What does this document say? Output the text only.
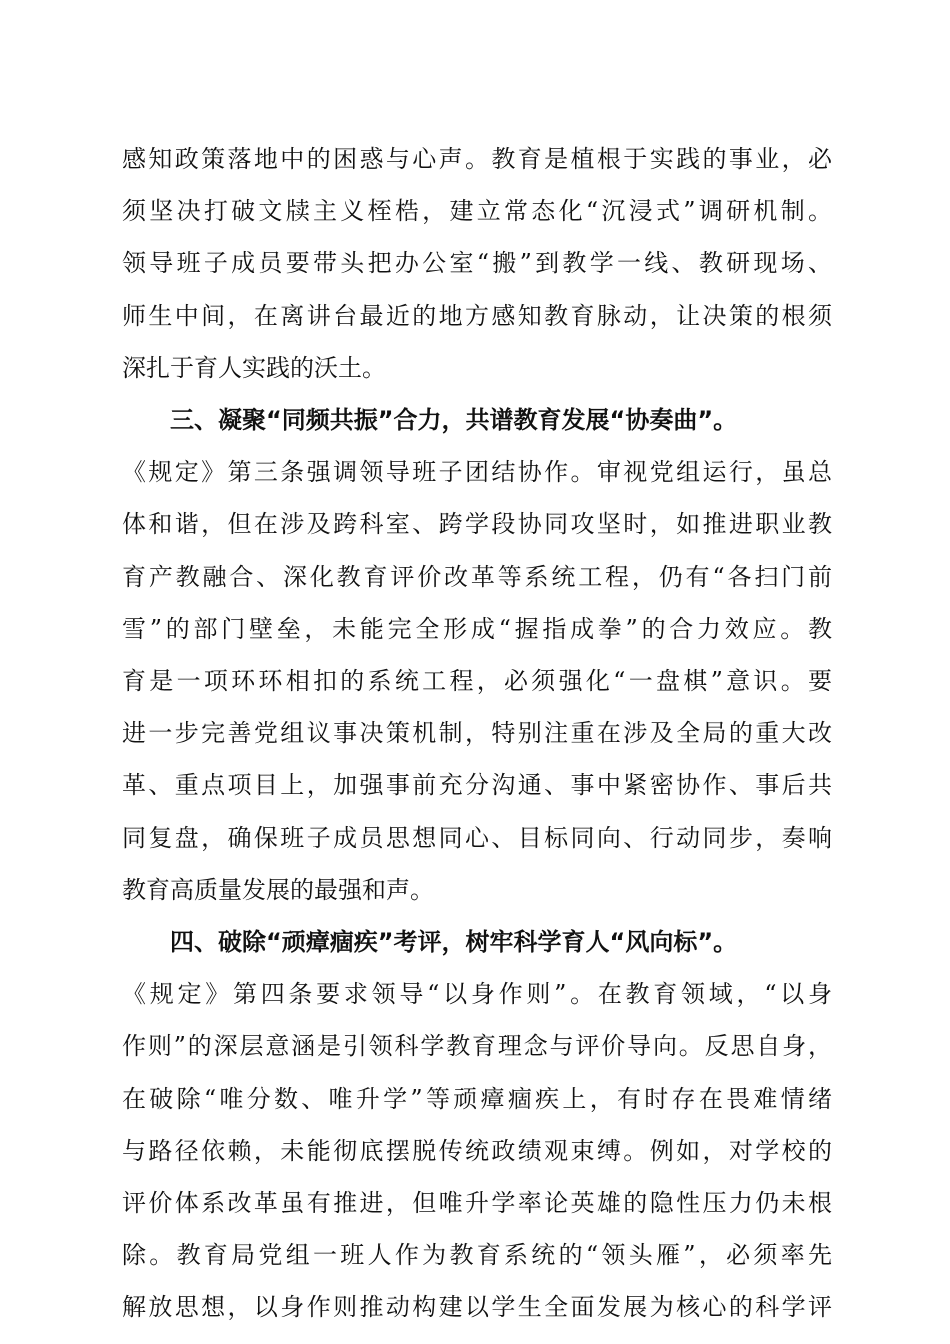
感知政策落地中的困惑与心声。教育是植根于实践的事业，必
须坚决打破文牍主义桎梏，建立常态化“沉浸式”调研机制。
领导班子成员要带头把办公室“搬”到教学一线、教研现场、
师生中间，在离讲台最近的地方感知教育脉动，让决策的根须
深扎于育人实践的沃土。
三、凝聚“同频共振”合力，共谱教育发展“协奏曲”。
《规定》第三条强调领导班子团结协作。审视党组运行，虽总
体和谐，但在涉及跨科室、跨学段协同攻坚时，如推进职业教
育产教融合、深化教育评价改革等系统工程，仍有“各扫门前
雪”的部门壁垒，未能完全形成“握指成拳”的合力效应。教
育是一项环环相扣的系统工程，必须强化“一盘棋”意识。要
进一步完善党组议事决策机制，特别注重在涉及全局的重大改
革、重点项目上，加强事前充分沟通、事中紧密协作、事后共
同复盘，确保班子成员思想同心、目标同向、行动同步，奏响
教育高质量发展的最强和声。
四、破除“顽瘴痼疾”考评，树牢科学育人“风向标”。
《规定》第四条要求领导“以身作则”。在教育领域，“以身
作则”的深层意涵是引领科学教育理念与评价导向。反思自身，
在破除“唯分数、唯升学”等顽瘴痼疾上，有时存在畏难情绪
与路径依赖，未能彻底摆脱传统政绩观束缚。例如，对学校的
评价体系改革虽有推进，但唯升学率论英雄的隐性压力仍未根
除。教育局党组一班人作为教育系统的“领头雁”，必须率先
解放思想，以身作则推动构建以学生全面发展为核心的科学评
